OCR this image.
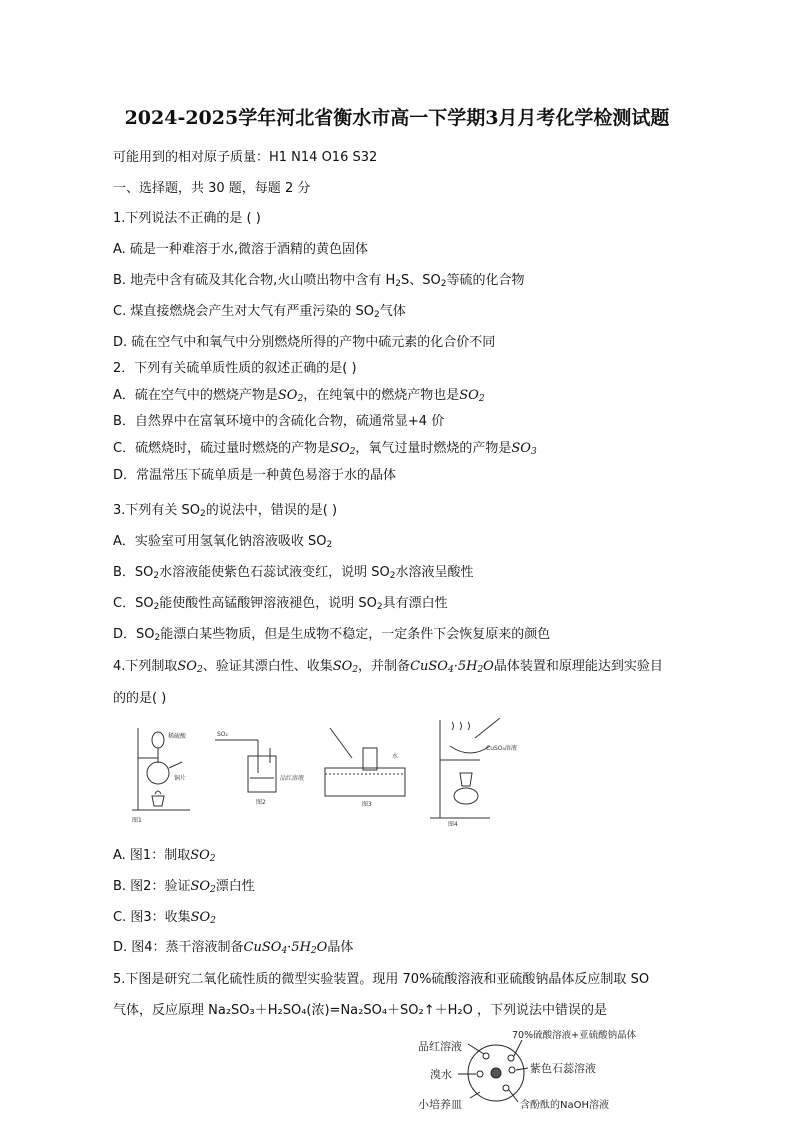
2024-2025学年河北省衡水市高一下学期3月月考化学检测试题
可能用到的相对原子质量：H1 N14 O16 S32
一、选择题，共 30 题，每题 2 分
1.下列说法不正确的是 ( )
A. 硫是一种难溶于水,微溶于酒精的黄色固体
B. 地壳中含有硫及其化合物,火山喷出物中含有 $H_2S$、$SO_2$等硫的化合物
C. 煤直接燃烧会产生对大气有严重污染的 $SO_2$气体
D. 硫在空气中和氧气中分别燃烧所得的产物中硫元素的化合价不同
2．下列有关硫单质性质的叙述正确的是( )
A．硫在空气中的燃烧产物是$SO_2$，在纯氧中的燃烧产物也是$SO_2$
B．自然界中在富氧环境中的含硫化合物，硫通常显+4 价
C．硫燃烧时，硫过量时燃烧的产物是$SO_2$，氧气过量时燃烧的产物是$SO_3$
D．常温常压下硫单质是一种黄色易溶于水的晶体
3.下列有关 $SO_2$的说法中，错误的是( )
A．实验室可用氢氧化钠溶液吸收 $SO_2$
B．$SO_2$水溶液能使紫色石蕊试液变红，说明 $SO_2$水溶液呈酸性
C．$SO_2$能使酸性高锰酸钾溶液褪色，说明 $SO_2$具有漂白性
D．$SO_2$能漂白某些物质，但是生成物不稳定，一定条件下会恢复原来的颜色
4.下列制取$SO_2$、验证其漂白性、收集$SO_2$，并制备$CuSO_4\cdot 5H_2O$晶体装置和原理能达到实验目
的的是( )
稀硫酸
铜片
图1
SO₂
品红溶液
图2
水
图3
CuSO₄溶液
图4
A. 图1：制取$SO_2$
B. 图2：验证$SO_2$漂白性
C. 图3：收集$SO_2$
D. 图4：蒸干溶液制备$CuSO_4\cdot 5H_2O$晶体
5.下图是研究二氧化硫性质的微型实验装置。现用 70%硫酸溶液和亚硫酸钠晶体反应制取 SO
气体，反应原理 Na₂SO₃＋H₂SO₄(浓)=Na₂SO₄＋SO₂↑＋H₂O ，下列说法中错误的是
品红溶液
70%硫酸溶液+亚硫酸钠晶体
溴水	紫色石蕊溶液
小培养皿	含酚酞的NaOH溶液
